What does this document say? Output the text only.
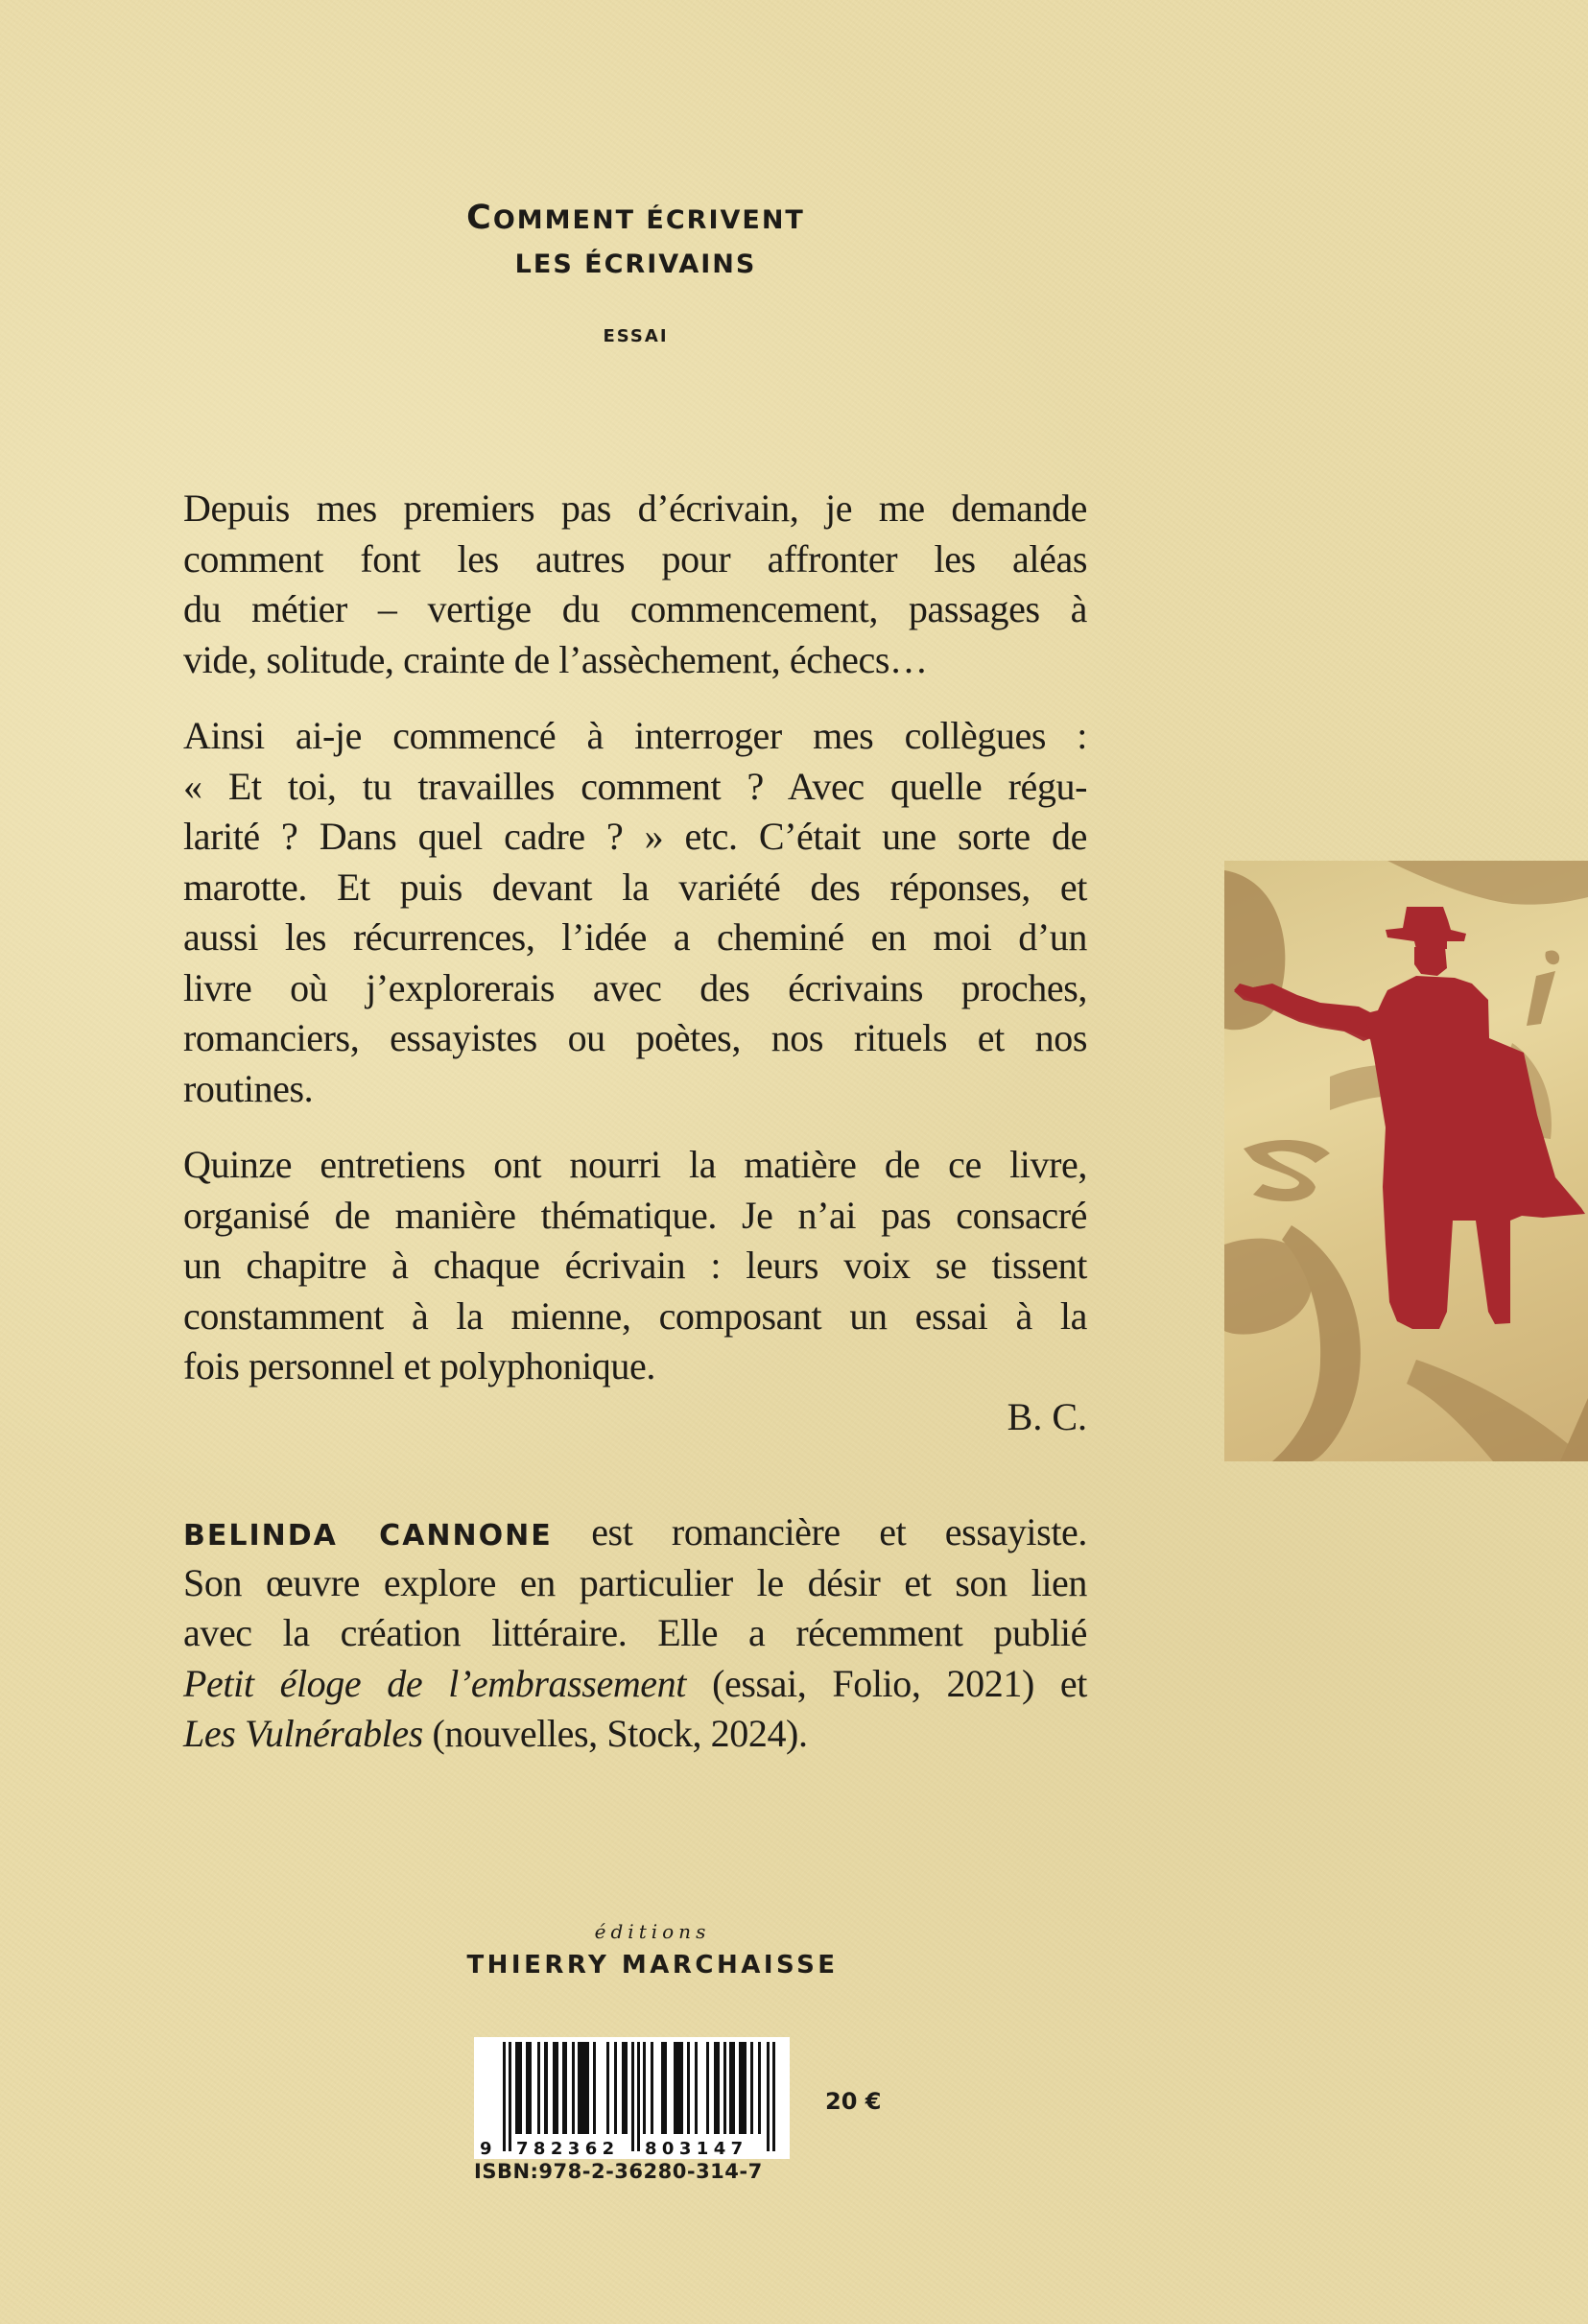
COMMENT ÉCRIVENT
LES ÉCRIVAINS
ESSAI
Depuis mes premiers pas d’écrivain, je me demande
comment font les autres pour affronter les aléas
du métier – vertige du commencement, passages à
vide, solitude, crainte de l’assèchement, échecs…
Ainsi ai-je commencé à interroger mes collègues :
« Et toi, tu travailles comment ? Avec quelle régu-
larité ? Dans quel cadre ? » etc. C’était une sorte de
marotte. Et puis devant la variété des réponses, et
aussi les récurrences, l’idée a cheminé en moi d’un
livre où j’explorerais avec des écrivains proches,
romanciers, essayistes ou poètes, nos rituels et nos
routines.
Quinze entretiens ont nourri la matière de ce livre,
organisé de manière thématique. Je n’ai pas consacré
un chapitre à chaque écrivain : leurs voix se tissent
constamment à la mienne, composant un essai à la
fois personnel et polyphonique.
B. C.
BELINDA CANNONE est romancière et essayiste.
Son œuvre explore en particulier le désir et son lien
avec la création littéraire. Elle a récemment publié
Petit éloge de l’embrassement (essai, Folio, 2021) et
Les Vulnérables (nouvelles, Stock, 2024).
éditions
THIERRY MARCHAISSE
9 782362 803147
ISBN:978-2-36280-314-7
20 €
